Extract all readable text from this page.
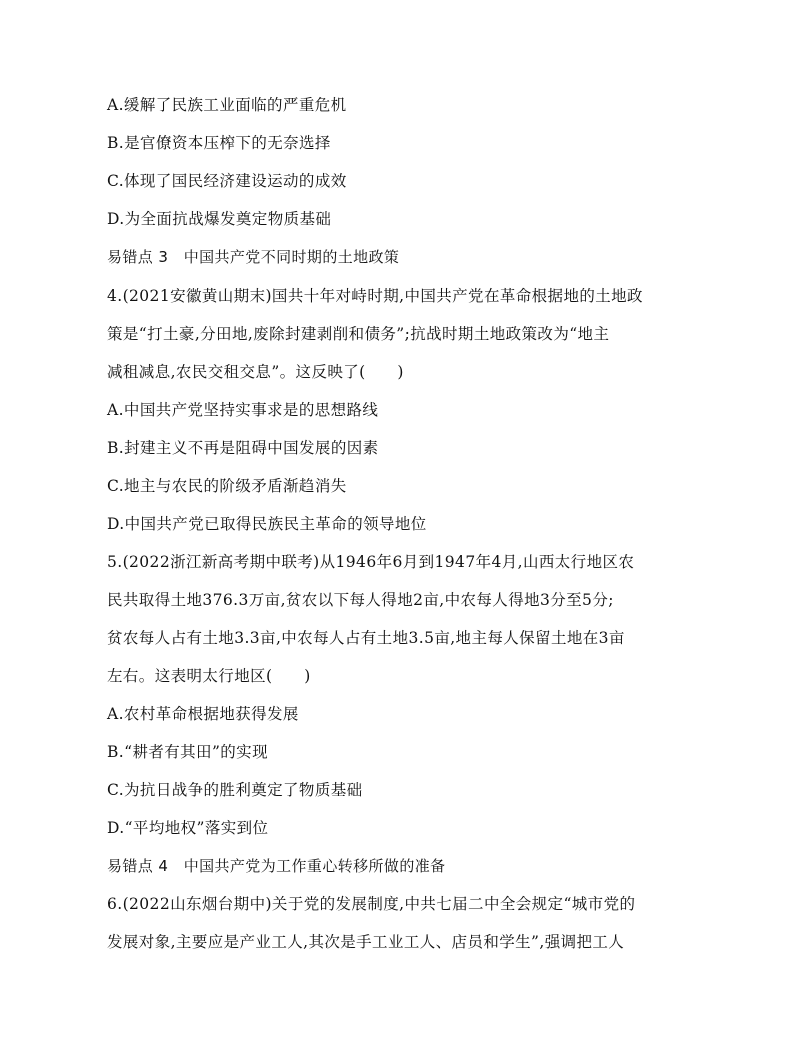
A.缓解了民族工业面临的严重危机
B.是官僚资本压榨下的无奈选择
C.体现了国民经济建设运动的成效
D.为全面抗战爆发奠定物质基础
易错点 3　中国共产党不同时期的土地政策
4.(2021安徽黄山期末)国共十年对峙时期,中国共产党在革命根据地的土地政
策是“打土豪,分田地,废除封建剥削和债务”;抗战时期土地政策改为“地主
减租减息,农民交租交息”。这反映了(　　)
A.中国共产党坚持实事求是的思想路线
B.封建主义不再是阻碍中国发展的因素
C.地主与农民的阶级矛盾渐趋消失
D.中国共产党已取得民族民主革命的领导地位
5.(2022浙江新高考期中联考)从1946年6月到1947年4月,山西太行地区农
民共取得土地376.3万亩,贫农以下每人得地2亩,中农每人得地3分至5分;
贫农每人占有土地3.3亩,中农每人占有土地3.5亩,地主每人保留土地在3亩
左右。这表明太行地区(　　)
A.农村革命根据地获得发展
B.“耕者有其田”的实现
C.为抗日战争的胜利奠定了物质基础
D.“平均地权”落实到位
易错点 4　中国共产党为工作重心转移所做的准备
6.(2022山东烟台期中)关于党的发展制度,中共七届二中全会规定“城市党的
发展对象,主要应是产业工人,其次是手工业工人、店员和学生”,强调把工人
